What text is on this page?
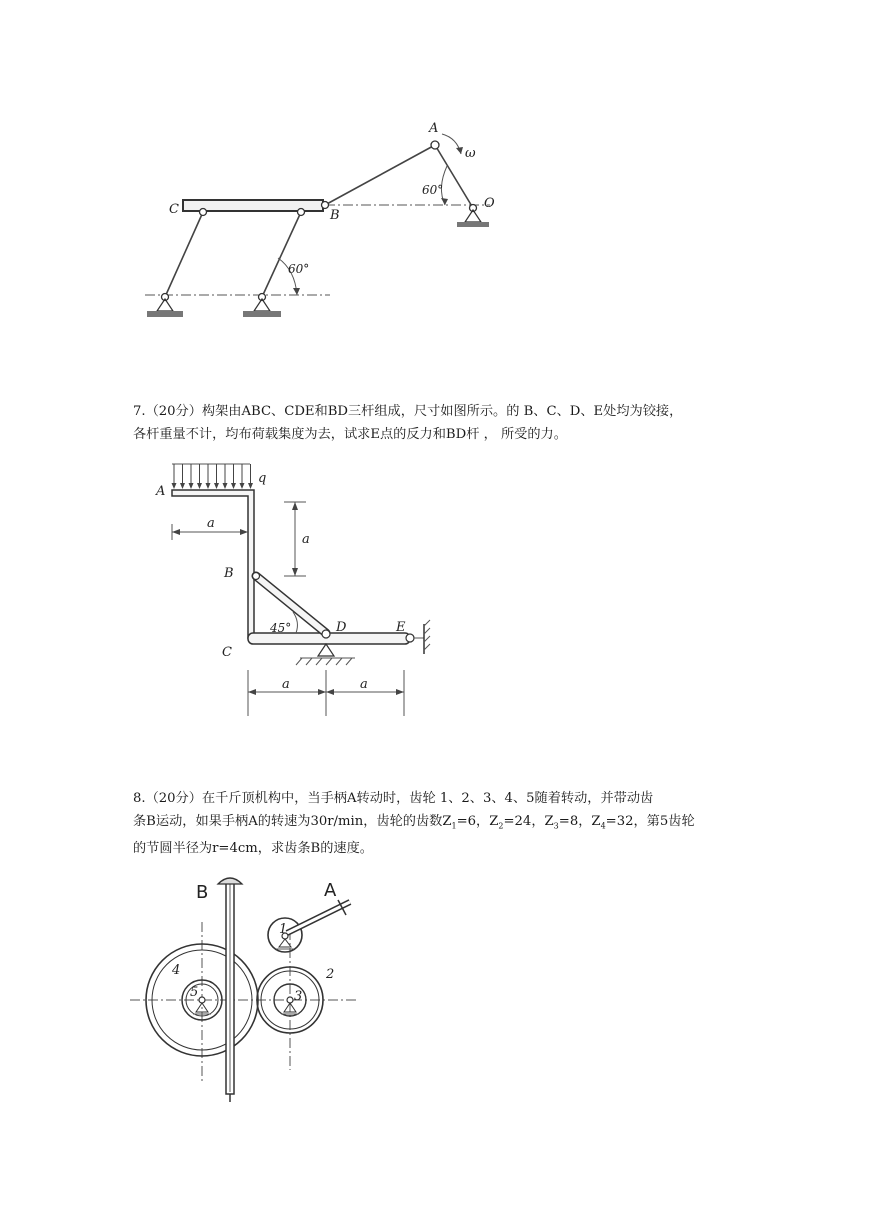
A
ω
60°
O
C	B
60°

7.（20分）构架由ABC、CDE和BD三杆组成，尺寸如图所示。的 B、C、D、E处均为铰接，

各杆重量不计，均布荷载集度为去，试求E点的反力和BD杆 ， 所受的力。

A
q
a
a
B
45°	D	E
C
a	a

8.（20分）在千斤顶机构中，当手柄A转动时，齿轮 1、2、3、4、5随着转动，并带动齿

条B运动，如果手柄A的转速为30r/min，齿轮的齿数$Z_1=6$，$Z_2=24$，$Z_3=8$，$Z_4=32$，第5齿轮

的节圆半径为r=4cm，求齿条B的速度。

B	A
1
2
3
4
5
